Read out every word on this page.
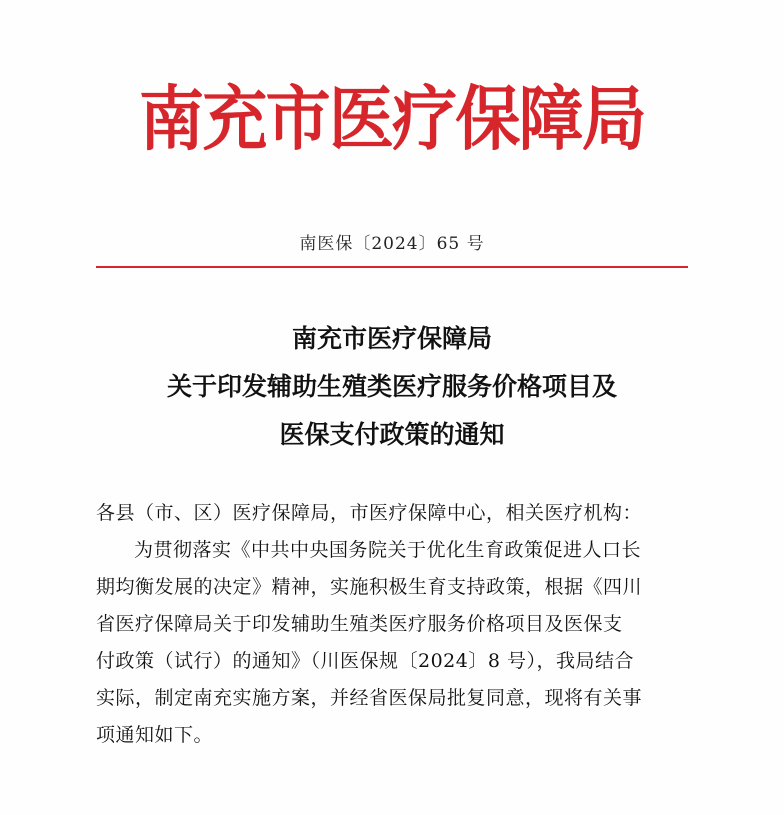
南充市医疗保障局
南医保〔2024〕65 号
南充市医疗保障局
关于印发辅助生殖类医疗服务价格项目及
医保支付政策的通知
各县（市、区）医疗保障局，市医疗保障中心，相关医疗机构：
为贯彻落实《中共中央国务院关于优化生育政策促进人口长
期均衡发展的决定》精神，实施积极生育支持政策，根据《四川
省医疗保障局关于印发辅助生殖类医疗服务价格项目及医保支
付政策（试行）的通知》（川医保规〔2024〕8 号），我局结合
实际，制定南充实施方案，并经省医保局批复同意，现将有关事
项通知如下。
